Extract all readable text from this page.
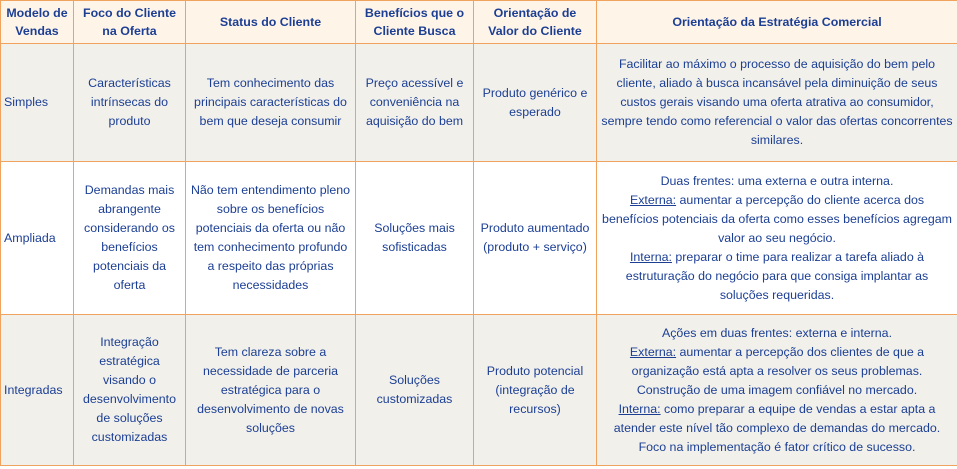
Modelo de Vendas	Foco do Cliente na Oferta	Status do Cliente	Benefícios que o Cliente Busca	Orientação de Valor do Cliente	Orientação da Estratégia Comercial
Simples	Características intrínsecas do produto	Tem conhecimento das principais características do bem que deseja consumir	Preço acessível e conveniência na aquisição do bem	Produto genérico e esperado	Facilitar ao máximo o processo de aquisição do bem pelo cliente, aliado à busca incansável pela diminuição de seus custos gerais visando uma oferta atrativa ao consumidor, sempre tendo como referencial o valor das ofertas concorrentes similares.
Ampliada	Demandas mais abrangente considerando os benefícios potenciais da oferta	Não tem entendimento pleno sobre os benefícios potenciais da oferta ou não tem conhecimento profundo a respeito das próprias necessidades	Soluções mais sofisticadas	Produto aumentado (produto + serviço)	Duas frentes: uma externa e outra interna.
Externa: aumentar a percepção do cliente acerca dos benefícios potenciais da oferta como esses benefícios agregam valor ao seu negócio.
Interna: preparar o time para realizar a tarefa aliado à estruturação do negócio para que consiga implantar as soluções requeridas.
Integradas	Integração estratégica visando o desenvolvimento de soluções customizadas	Tem clareza sobre a necessidade de parceria estratégica para o desenvolvimento de novas soluções	Soluções customizadas	Produto potencial (integração de recursos)	Ações em duas frentes: externa e interna.
Externa: aumentar a percepção dos clientes de que a organização está apta a resolver os seus problemas. Construção de uma imagem confiável no mercado.
Interna: como preparar a equipe de vendas a estar apta a atender este nível tão complexo de demandas do mercado. Foco na implementação é fator crítico de sucesso.
